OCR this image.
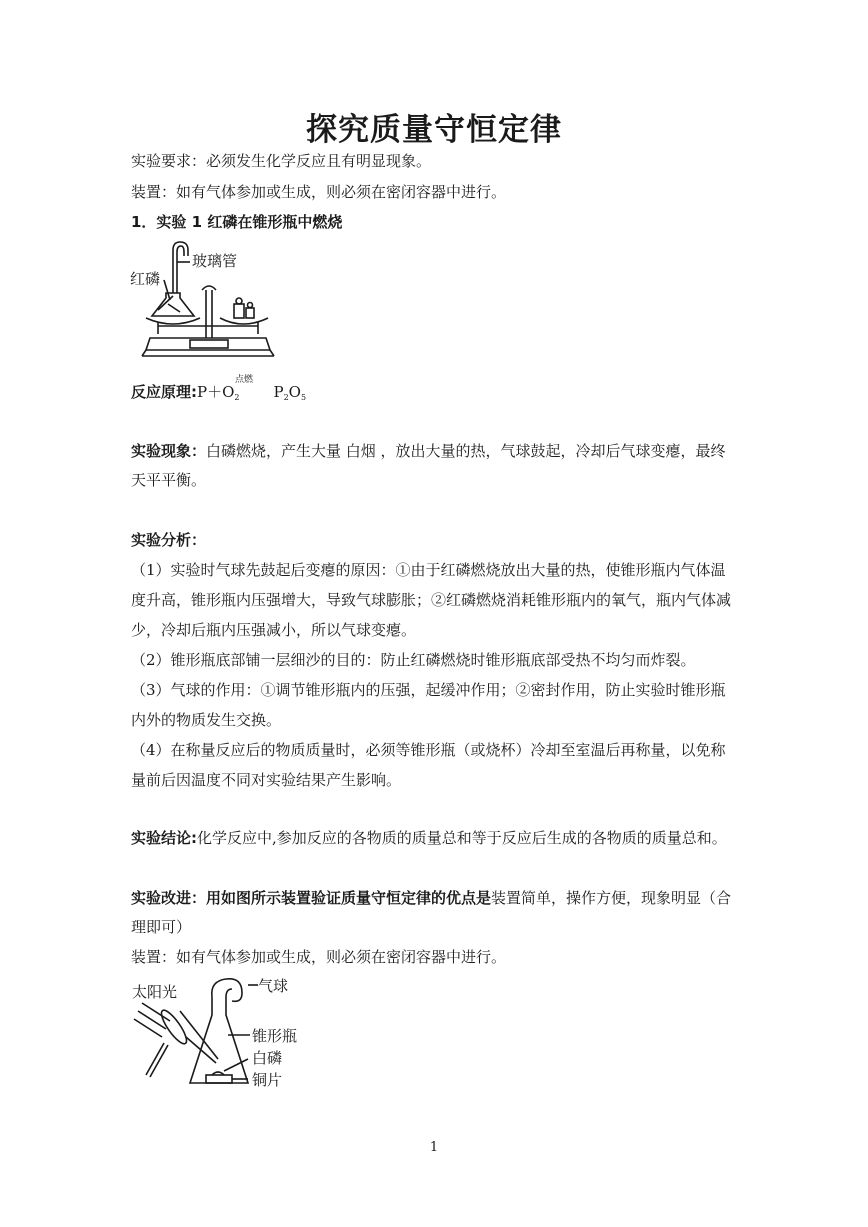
探究质量守恒定律
实验要求：必须发生化学反应且有明显现象。
装置：如有气体参加或生成，则必须在密闭容器中进行。
1．实验 1 红磷在锥形瓶中燃烧
玻璃管
红磷
反应原理$:P+O_2$ $P_2O_5$
点燃
实验现象：白磷燃烧，产生大量 白烟 ，放出大量的热，气球鼓起，冷却后气球变瘪，最终
天平平衡。
实验分析：
（1）实验时气球先鼓起后变瘪的原因：①由于红磷燃烧放出大量的热，使锥形瓶内气体温
度升高，锥形瓶内压强增大，导致气球膨胀；②红磷燃烧消耗锥形瓶内的氧气，瓶内气体减
少，冷却后瓶内压强减小，所以气球变瘪。
（2）锥形瓶底部铺一层细沙的目的：防止红磷燃烧时锥形瓶底部受热不均匀而炸裂。
（3）气球的作用：①调节锥形瓶内的压强，起缓冲作用；②密封作用，防止实验时锥形瓶
内外的物质发生交换。
（4）在称量反应后的物质质量时，必须等锥形瓶（或烧杯）冷却至室温后再称量，以免称
量前后因温度不同对实验结果产生影响。
实验结论:化学反应中,参加反应的各物质的质量总和等于反应后生成的各物质的质量总和。
实验改进：用如图所示装置验证质量守恒定律的优点是装置简单，操作方便，现象明显（合
理即可）
装置：如有气体参加或生成，则必须在密闭容器中进行。
太阳光	气球
锥形瓶
白磷
铜片
1
